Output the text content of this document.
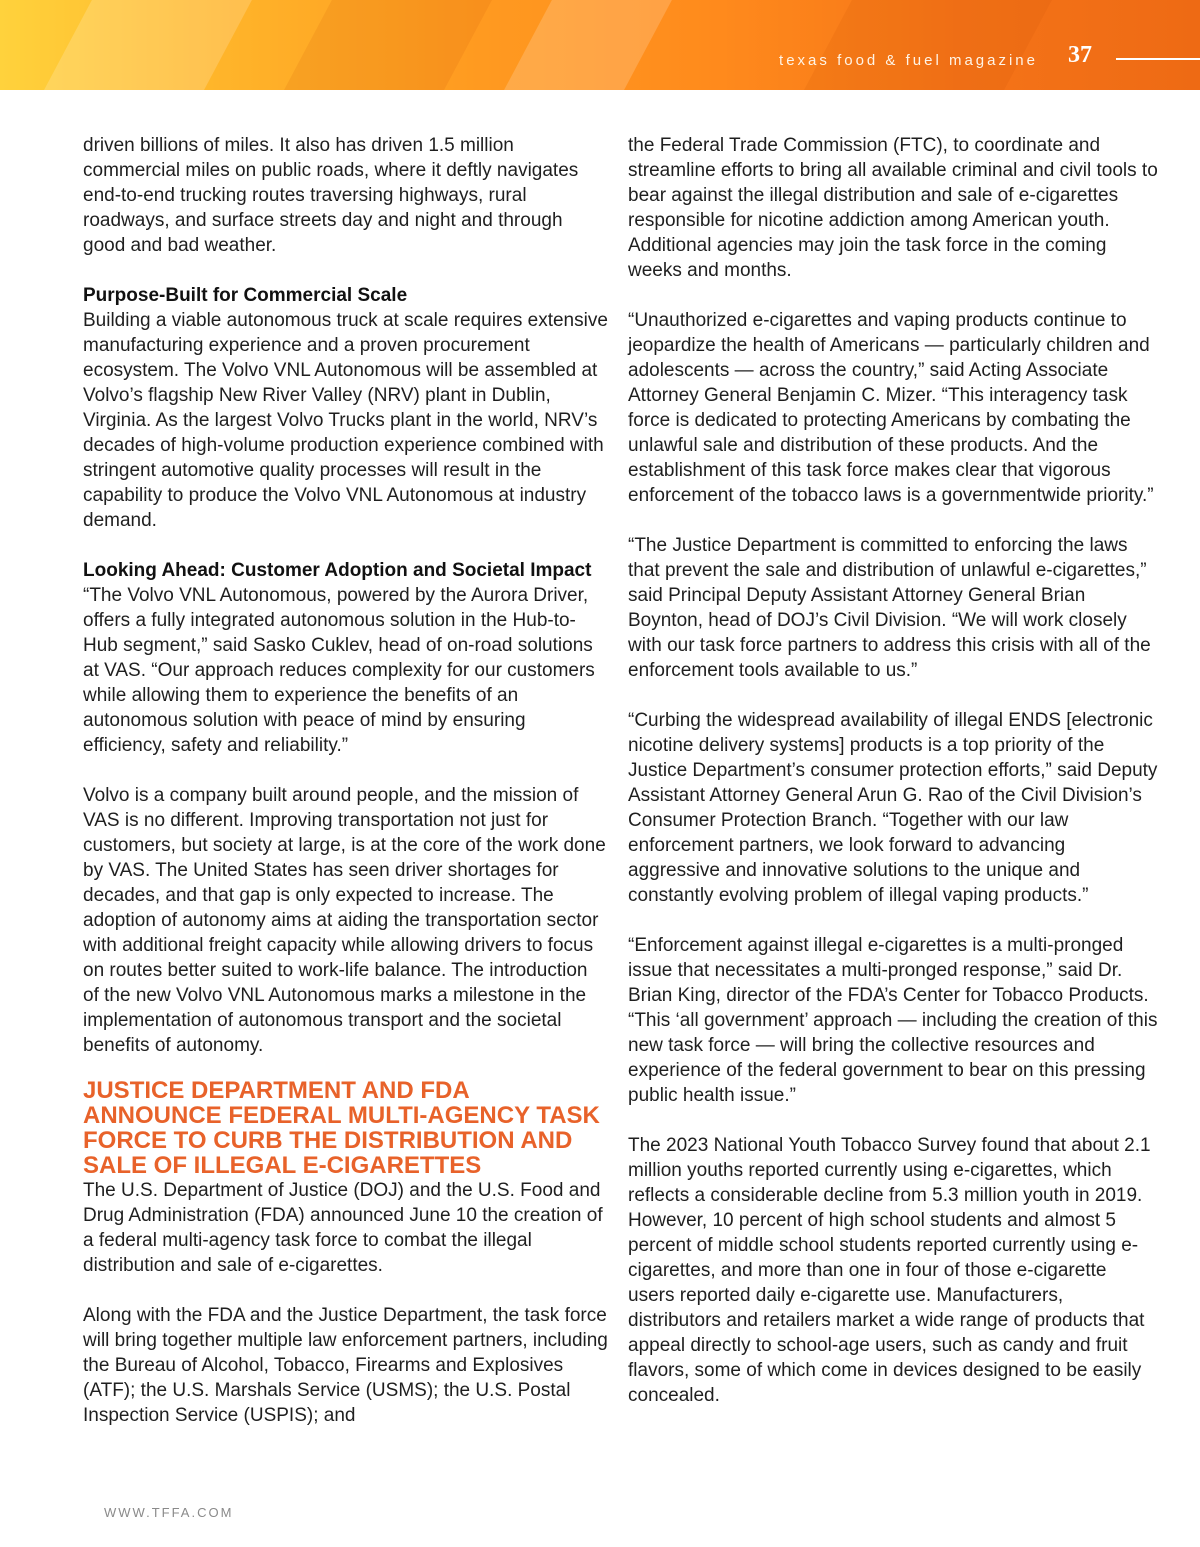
texas food & fuel magazine 37

driven billions of miles. It also has driven 1.5 million commercial miles on public roads, where it deftly navigates end-to-end trucking routes traversing highways, rural roadways, and surface streets day and night and through good and bad weather.

Purpose-Built for Commercial Scale

Building a viable autonomous truck at scale requires extensive manufacturing experience and a proven procurement ecosystem. The Volvo VNL Autonomous will be assembled at Volvo’s flagship New River Valley (NRV) plant in Dublin, Virginia. As the largest Volvo Trucks plant in the world, NRV’s decades of high-volume production experience combined with stringent automotive quality processes will result in the capability to produce the Volvo VNL Autonomous at industry demand.

Looking Ahead: Customer Adoption and Societal Impact

“The Volvo VNL Autonomous, powered by the Aurora Driver, offers a fully integrated autonomous solution in the Hub-to-Hub segment,” said Sasko Cuklev, head of on-road solutions at VAS. “Our approach reduces complexity for our customers while allowing them to experience the benefits of an autonomous solution with peace of mind by ensuring efficiency, safety and reliability.”

Volvo is a company built around people, and the mission of VAS is no different. Improving transportation not just for customers, but society at large, is at the core of the work done by VAS. The United States has seen driver shortages for decades, and that gap is only expected to increase. The adoption of autonomy aims at aiding the transportation sector with additional freight capacity while allowing drivers to focus on routes better suited to work-life balance. The introduction of the new Volvo VNL Autonomous marks a milestone in the implementation of autonomous transport and the societal benefits of autonomy.

JUSTICE DEPARTMENT AND FDA ANNOUNCE FEDERAL MULTI-AGENCY TASK FORCE TO CURB THE DISTRIBUTION AND SALE OF ILLEGAL E-CIGARETTES

The U.S. Department of Justice (DOJ) and the U.S. Food and Drug Administration (FDA) announced June 10 the creation of a federal multi-agency task force to combat the illegal distribution and sale of e-cigarettes.

Along with the FDA and the Justice Department, the task force will bring together multiple law enforcement partners, including the Bureau of Alcohol, Tobacco, Firearms and Explosives (ATF); the U.S. Marshals Service (USMS); the U.S. Postal Inspection Service (USPIS); and

the Federal Trade Commission (FTC), to coordinate and streamline efforts to bring all available criminal and civil tools to bear against the illegal distribution and sale of e-cigarettes responsible for nicotine addiction among American youth. Additional agencies may join the task force in the coming weeks and months.

“Unauthorized e-cigarettes and vaping products continue to jeopardize the health of Americans — particularly children and adolescents — across the country,” said Acting Associate Attorney General Benjamin C. Mizer. “This interagency task force is dedicated to protecting Americans by combating the unlawful sale and distribution of these products. And the establishment of this task force makes clear that vigorous enforcement of the tobacco laws is a governmentwide priority.”

“The Justice Department is committed to enforcing the laws that prevent the sale and distribution of unlawful e-cigarettes,” said Principal Deputy Assistant Attorney General Brian Boynton, head of DOJ’s Civil Division. “We will work closely with our task force partners to address this crisis with all of the enforcement tools available to us.”

“Curbing the widespread availability of illegal ENDS [electronic nicotine delivery systems] products is a top priority of the Justice Department’s consumer protection efforts,” said Deputy Assistant Attorney General Arun G. Rao of the Civil Division’s Consumer Protection Branch. “Together with our law enforcement partners, we look forward to advancing aggressive and innovative solutions to the unique and constantly evolving problem of illegal vaping products.”

“Enforcement against illegal e-cigarettes is a multi-pronged issue that necessitates a multi-pronged response,” said Dr. Brian King, director of the FDA’s Center for Tobacco Products. “This ‘all government’ approach — including the creation of this new task force — will bring the collective resources and experience of the federal government to bear on this pressing public health issue.”

The 2023 National Youth Tobacco Survey found that about 2.1 million youths reported currently using e-cigarettes, which reflects a considerable decline from 5.3 million youth in 2019. However, 10 percent of high school students and almost 5 percent of middle school students reported currently using e-cigarettes, and more than one in four of those e-cigarette users reported daily e-cigarette use. Manufacturers, distributors and retailers market a wide range of products that appeal directly to school-age users, such as candy and fruit flavors, some of which come in devices designed to be easily concealed.

WWW.TFFA.COM
